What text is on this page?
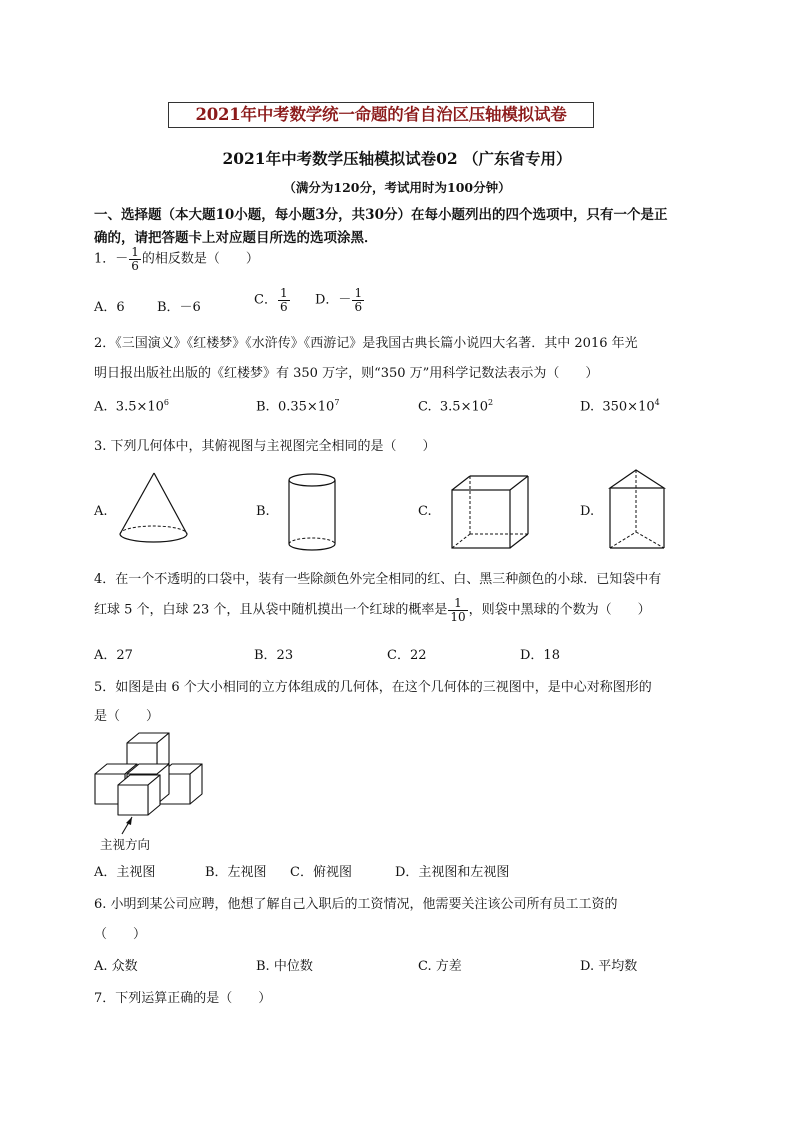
2021年中考数学统一命题的省自治区压轴模拟试卷
2021年中考数学压轴模拟试卷02 （广东省专用）
（满分为120分，考试用时为100分钟）
一、选择题（本大题10小题，每小题3分，共30分）在每小题列出的四个选项中，只有一个是正
确的，请把答题卡上对应题目所选的选项涂黑．
1．－ $\frac{1}{6}$ 的相反数是（　　）
A．6 B．－6	C． $\frac{1}{6}$ D．－ $\frac{1}{6}$
2．《三国演义》《红楼梦》《水浒传》《西游记》是我国古典长篇小说四大名著．其中 2016 年光
明日报出版社出版的《红楼梦》有 350 万字，则“350 万”用科学记数法表示为（　　）
A. $3.5\times 10^6$	B. $0.35\times 10^7$	C. $3.5\times 10^2$	D. $350\times 10^4$
3. 下列几何体中，其俯视图与主视图完全相同的是（　　）
A.	B.	C.	D.
4．在一个不透明的口袋中，装有一些除颜色外完全相同的红、白、黑三种颜色的小球．已知袋中有
红球 5 个，白球 23 个，且从袋中随机摸出一个红球的概率是 $\frac{1}{10}$ ，则袋中黑球的个数为（　　）
A．27	B．23	C．22	D．18
5．如图是由 6 个大小相同的立方体组成的几何体，在这个几何体的三视图中，是中心对称图形的
是（　　）
主视方向
A．主视图	B．左视图 C．俯视图	D．主视图和左视图
6. 小明到某公司应聘，他想了解自己入职后的工资情况，他需要关注该公司所有员工工资的
（　　）
A. 众数	B. 中位数	C. 方差	D. 平均数
7．下列运算正确的是（　　）
